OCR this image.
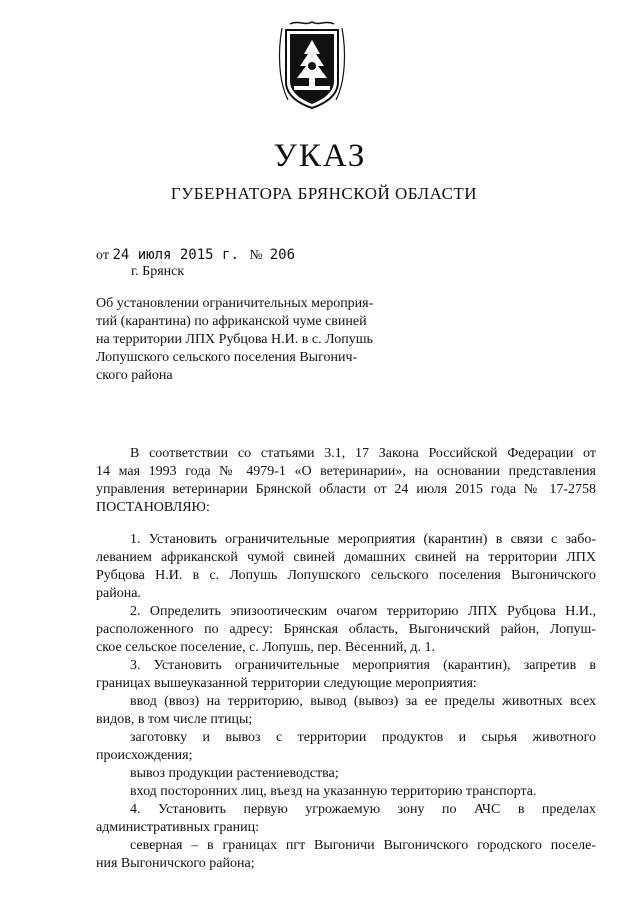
УКАЗ
ГУБЕРНАТОРА БРЯНСКОЙ ОБЛАСТИ
от 24 июля 2015 г. № 206
г. Брянск
Об установлении ограничительных мероприя-
тий (карантина) по африканской чуме свиней
на территории ЛПХ Рубцова Н.И. в с. Лопушь
Лопушского сельского поселения Выгонич-
ского района
В соответствии со статьями 3.1, 17 Закона Российской Федерации от
14 мая 1993 года № 4979-1 «О ветеринарии», на основании представления
управления ветеринарии Брянской области от 24 июля 2015 года № 17-2758
ПОСТАНОВЛЯЮ:
1. Установить ограничительные мероприятия (карантин) в связи с забо-
леванием африканской чумой свиней домашних свиней на территории ЛПХ
Рубцова Н.И. в с. Лопушь Лопушского сельского поселения Выгоничского
района.
2. Определить эпизоотическим очагом территорию ЛПХ Рубцова Н.И.,
расположенного по адресу: Брянская область, Выгоничский район, Лопуш-
ское сельское поселение, с. Лопушь, пер. Весенний, д. 1.
3. Установить ограничительные мероприятия (карантин), запретив в
границах вышеуказанной территории следующие мероприятия:
ввод (ввоз) на территорию, вывод (вывоз) за ее пределы животных всех
видов, в том числе птицы;
заготовку и вывоз с территории продуктов и сырья животного
происхождения;
вывоз продукции растениеводства;
вход посторонних лиц, въезд на указанную территорию транспорта.
4. Установить первую угрожаемую зону по АЧС в пределах
административных границ:
северная – в границах пгт Выгоничи Выгоничского городского поселе-
ния Выгоничского района;
